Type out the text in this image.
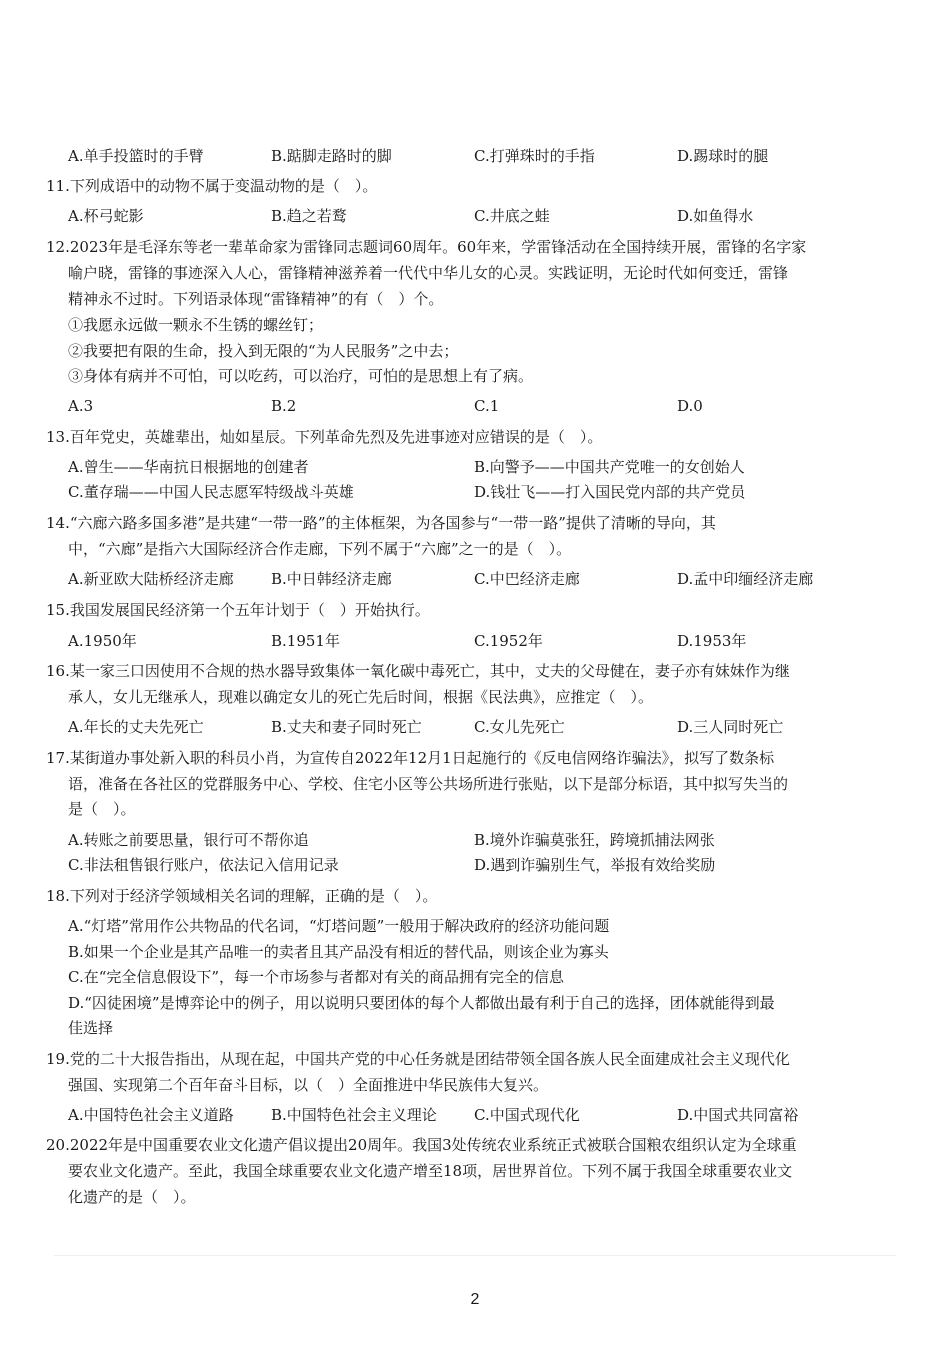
A.单手投篮时的手臂	B.踮脚走路时的脚	C.打弹珠时的手指	D.踢球时的腿
11.下列成语中的动物不属于变温动物的是（　）。
A.杯弓蛇影	B.趋之若鹜	C.井底之蛙	D.如鱼得水
12.2023年是毛泽东等老一辈革命家为雷锋同志题词60周年。60年来，学雷锋活动在全国持续开展，雷锋的名字家
喻户晓，雷锋的事迹深入人心，雷锋精神滋养着一代代中华儿女的心灵。实践证明，无论时代如何变迁，雷锋
精神永不过时。下列语录体现“雷锋精神”的有（　）个。
①我愿永远做一颗永不生锈的螺丝钉；
②我要把有限的生命，投入到无限的“为人民服务”之中去；
③身体有病并不可怕，可以吃药，可以治疗，可怕的是思想上有了病。
A.3	B.2	C.1	D.0
13.百年党史，英雄辈出，灿如星辰。下列革命先烈及先进事迹对应错误的是（　）。
A.曾生——华南抗日根据地的创建者	B.向警予——中国共产党唯一的女创始人
C.董存瑞——中国人民志愿军特级战斗英雄	D.钱壮飞——打入国民党内部的共产党员
14.“六廊六路多国多港”是共建“一带一路”的主体框架，为各国参与“一带一路”提供了清晰的导向，其
中，“六廊”是指六大国际经济合作走廊，下列不属于“六廊”之一的是（　）。
A.新亚欧大陆桥经济走廊 B.中日韩经济走廊	C.中巴经济走廊	D.孟中印缅经济走廊
15.我国发展国民经济第一个五年计划于（　）开始执行。
A.1950年	B.1951年	C.1952年	D.1953年
16.某一家三口因使用不合规的热水器导致集体一氧化碳中毒死亡，其中，丈夫的父母健在，妻子亦有妹妹作为继
承人，女儿无继承人，现难以确定女儿的死亡先后时间，根据《民法典》，应推定（　）。
A.年长的丈夫先死亡	B.丈夫和妻子同时死亡	C.女儿先死亡	D.三人同时死亡
17.某街道办事处新入职的科员小肖，为宣传自2022年12月1日起施行的《反电信网络诈骗法》，拟写了数条标
语，准备在各社区的党群服务中心、学校、住宅小区等公共场所进行张贴，以下是部分标语，其中拟写失当的
是（　）。
A.转账之前要思量，银行可不帮你追	B.境外诈骗莫张狂，跨境抓捕法网张
C.非法租售银行账户，依法记入信用记录	D.遇到诈骗别生气，举报有效给奖励
18.下列对于经济学领域相关名词的理解，正确的是（　）。
A.“灯塔”常用作公共物品的代名词，“灯塔问题”一般用于解决政府的经济功能问题
B.如果一个企业是其产品唯一的卖者且其产品没有相近的替代品，则该企业为寡头
C.在“完全信息假设下”，每一个市场参与者都对有关的商品拥有完全的信息
D.“囚徒困境”是博弈论中的例子，用以说明只要团体的每个人都做出最有利于自己的选择，团体就能得到最
佳选择
19.党的二十大报告指出，从现在起，中国共产党的中心任务就是团结带领全国各族人民全面建成社会主义现代化
强国、实现第二个百年奋斗目标，以（　）全面推进中华民族伟大复兴。
A.中国特色社会主义道路 B.中国特色社会主义理论 C.中国式现代化	D.中国式共同富裕
20.2022年是中国重要农业文化遗产倡议提出20周年。我国3处传统农业系统正式被联合国粮农组织认定为全球重
要农业文化遗产。至此，我国全球重要农业文化遗产增至18项，居世界首位。下列不属于我国全球重要农业文
化遗产的是（　）。
2
